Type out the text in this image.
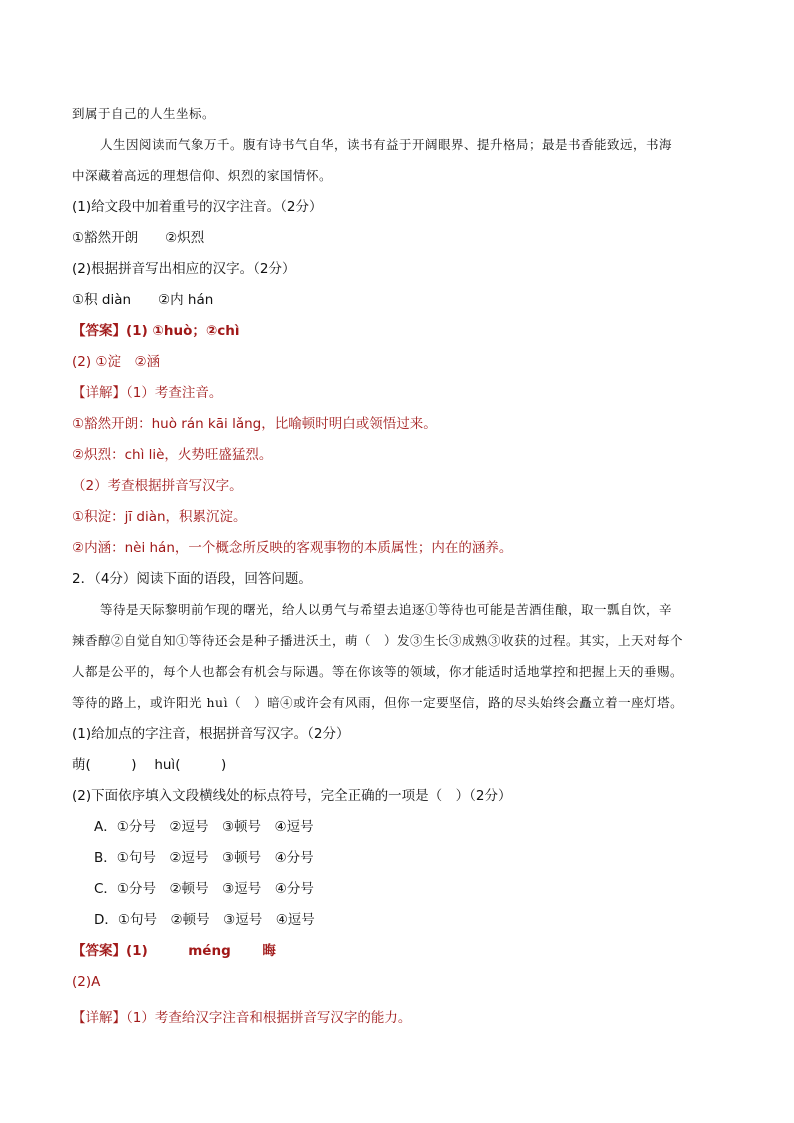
到属于自己的人生坐标。
人生因阅读而气象万千。腹有诗书气自华，读书有益于开阔眼界、提升格局；最是书香能致远，书海
中深藏着高远的理想信仰、炽烈的家国情怀。
(1)给文段中加着重号的汉字注音。（2分）
①豁然开朗　　②炽烈
(2)根据拼音写出相应的汉字。（2分）
①积 diàn　　②内 hán
【答案】(1) ①huò；②chì
(2) ①淀　②涵
【详解】（1）考查注音。
①豁然开朗：huò rán kāi lǎng，比喻顿时明白或领悟过来。
②炽烈：chì liè，火势旺盛猛烈。
（2）考查根据拼音写汉字。
①积淀：jī diàn，积累沉淀。
②内涵：nèi hán，一个概念所反映的客观事物的本质属性；内在的涵养。
2．（4分）阅读下面的语段，回答问题。
等待是天际黎明前乍现的曙光，给人以勇气与希望去追逐①等待也可能是苦酒佳酿，取一瓢自饮，辛
辣香醇②自觉自知①等待还会是种子播进沃土，萌（　）发③生长③成熟③收获的过程。其实，上天对每个
人都是公平的，每个人也都会有机会与际遇。等在你该等的领域，你才能适时适地掌控和把握上天的垂赐。
等待的路上，或许阳光 huì（　）暗④或许会有风雨，但你一定要坚信，路的尽头始终会矗立着一座灯塔。
(1)给加点的字注音，根据拼音写汉字。（2分）
萌(　　　)　 huì(　　　)
(2)下面依序填入文段横线处的标点符号，完全正确的一项是（　）（2分）
A．①分号　②逗号　③顿号　④逗号
B．①句号　②逗号　③顿号　④分号
C．①分号　②顿号　③逗号　④分号
D．①句号　②顿号　③逗号　④逗号
【答案】(1)　　　méng　　 晦
(2)A
【详解】（1）考查给汉字注音和根据拼音写汉字的能力。
